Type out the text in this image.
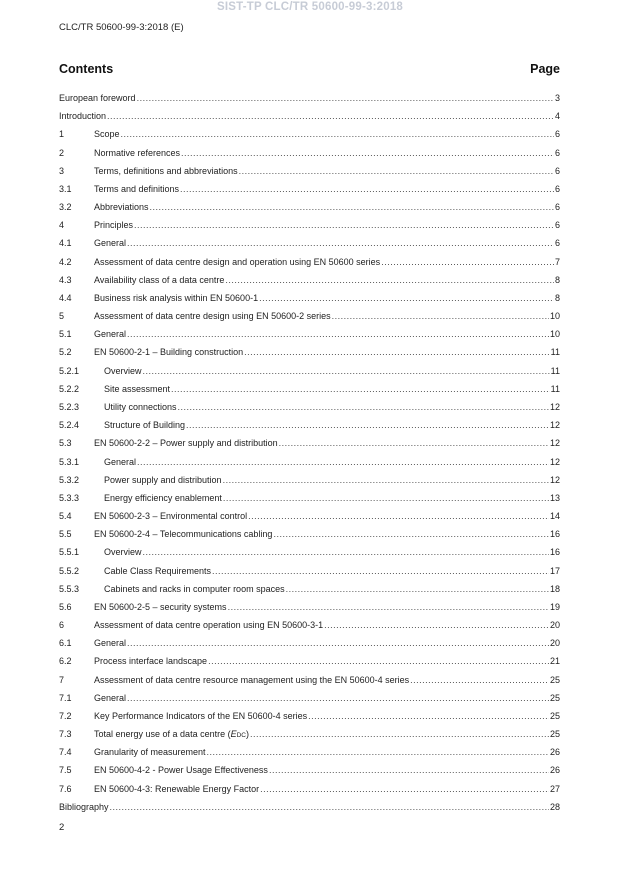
SIST-TP CLC/TR 50600-99-3:2018
CLC/TR 50600-99-3:2018 (E)
Contents	Page
European foreword .....	3
Introduction .....	4
1	Scope .....	6
2	Normative references .....	6
3	Terms, definitions and abbreviations .....	6
3.1	Terms and definitions .....	6
3.2	Abbreviations .....	6
4	Principles .....	6
4.1	General .....	6
4.2	Assessment of data centre design and operation using EN 50600 series .....	7
4.3	Availability class of a data centre .....	8
4.4	Business risk analysis within EN 50600-1 .....	8
5	Assessment of data centre design using EN 50600-2 series .....	10
5.1	General .....	10
5.2	EN 50600-2-1 – Building construction .....	11
5.2.1	Overview .....	11
5.2.2	Site assessment .....	11
5.2.3	Utility connections .....	12
5.2.4	Structure of Building .....	12
5.3	EN 50600-2-2 – Power supply and distribution .....	12
5.3.1	General .....	12
5.3.2	Power supply and distribution .....	12
5.3.3	Energy efficiency enablement .....	13
5.4	EN 50600-2-3 – Environmental control .....	14
5.5	EN 50600-2-4 – Telecommunications cabling .....	16
5.5.1	Overview .....	16
5.5.2	Cable Class Requirements .....	17
5.5.3	Cabinets and racks in computer room spaces .....	18
5.6	EN 50600-2-5 – security systems .....	19
6	Assessment of data centre operation using EN 50600-3-1 .....	20
6.1	General .....	20
6.2	Process interface landscape .....	21
7	Assessment of data centre resource management using the EN 50600-4 series .....	25
7.1	General .....	25
7.2	Key Performance Indicators of the EN 50600-4 series .....	25
7.3	Total energy use of a data centre (EDC) .....	25
7.4	Granularity of measurement .....	26
7.5	EN 50600-4-2 - Power Usage Effectiveness .....	26
7.6	EN 50600-4-3: Renewable Energy Factor .....	27
Bibliography .....	28
2
